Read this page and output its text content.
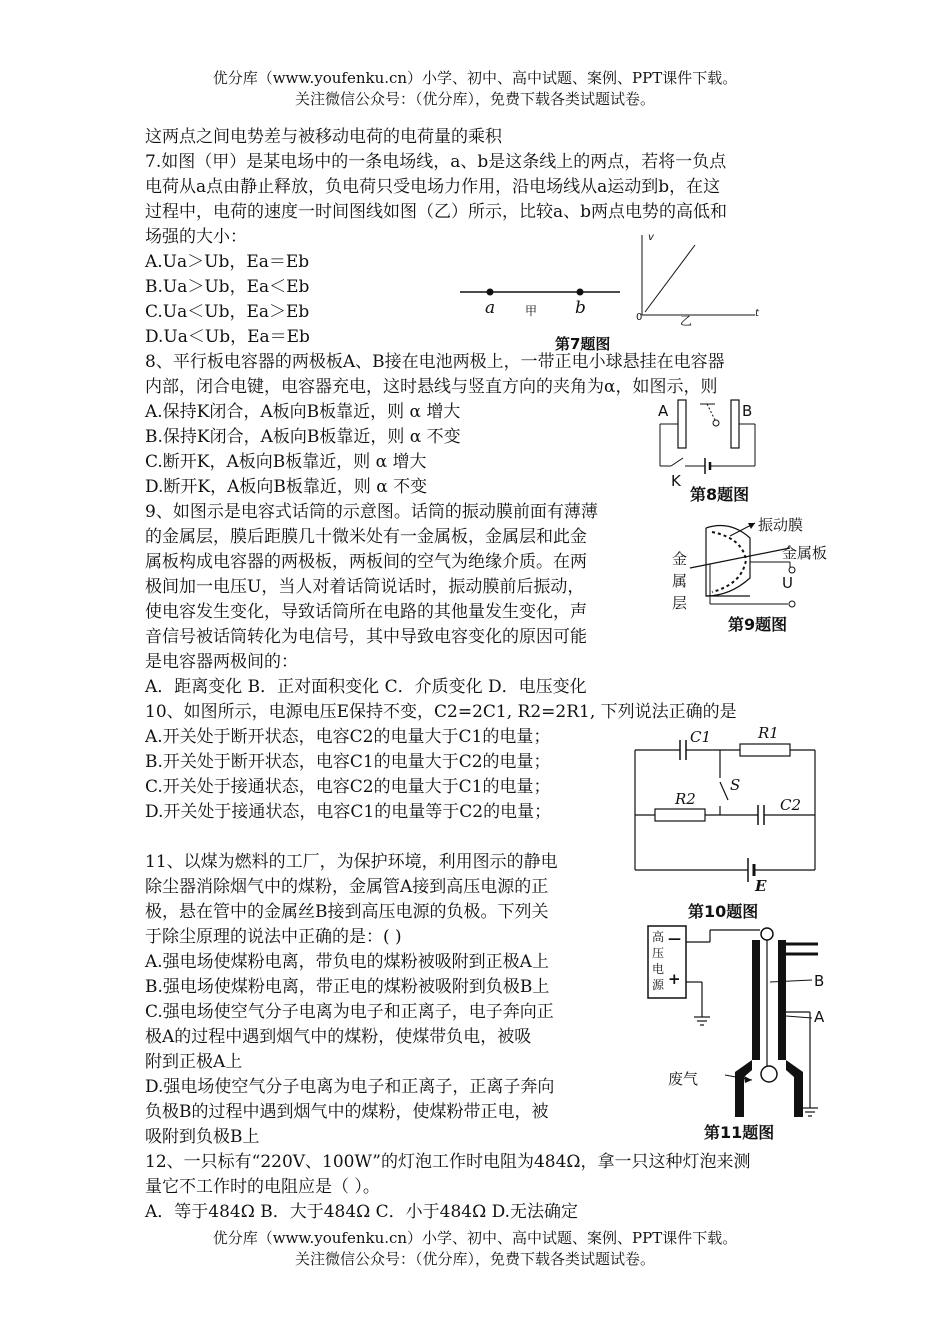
优分库（www.youfenku.cn）小学、初中、高中试题、案例、PPT课件下载。
关注微信公众号：（优分库），免费下载各类试题试卷。
这两点之间电势差与被移动电荷的电荷量的乘积
7.如图（甲）是某电场中的一条电场线，a、b是这条线上的两点，若将一负点
电荷从a点由静止释放，负电荷只受电场力作用，沿电场线从a运动到b，在这
过程中，电荷的速度一时间图线如图（乙）所示，比较a、b两点电势的高低和
场强的大小：
A.Ua＞Ub，Ea＝Eb
B.Ua＞Ub，Ea＜Eb
C.Ua＜Ub，Ea＞Eb
D.Ua＜Ub，Ea＝Eb
8、平行板电容器的两极板A、B接在电池两极上，一带正电小球悬挂在电容器
内部，闭合电键，电容器充电，这时悬线与竖直方向的夹角为α，如图示，则
A.保持K闭合，A板向B板靠近，则 α 增大
B.保持K闭合，A板向B板靠近，则 α 不变
C.断开K，A板向B板靠近，则 α 增大
D.断开K，A板向B板靠近，则 α 不变
9、如图示是电容式话筒的示意图。话筒的振动膜前面有薄薄
的金属层，膜后距膜几十微米处有一金属板，金属层和此金
属板构成电容器的两极板，两板间的空气为绝缘介质。在两
极间加一电压U，当人对着话筒说话时，振动膜前后振动，
使电容发生变化，导致话筒所在电路的其他量发生变化，声
音信号被话筒转化为电信号，其中导致电容变化的原因可能
是电容器两极间的：
A．距离变化 B．正对面积变化 C．介质变化 D．电压变化
10、如图所示，电源电压E保持不变，C2=2C1, R2=2R1, 下列说法正确的是
A.开关处于断开状态，电容C2的电量大于C1的电量；
B.开关处于断开状态，电容C1的电量大于C2的电量；
C.开关处于接通状态，电容C2的电量大于C1的电量；
D.开关处于接通状态，电容C1的电量等于C2的电量；
11、以煤为燃料的工厂，为保护环境，利用图示的静电
除尘器消除烟气中的煤粉，金属管A接到高压电源的正
极，悬在管中的金属丝B接到高压电源的负极。下列关
于除尘原理的说法中正确的是：( )
A.强电场使煤粉电离，带负电的煤粉被吸附到正极A上
B.强电场使煤粉电离，带正电的煤粉被吸附到负极B上
C.强电场使空气分子电离为电子和正离子，电子奔向正
极A的过程中遇到烟气中的煤粉，使煤带负电，被吸
附到正极A上
D.强电场使空气分子电离为电子和正离子，正离子奔向
负极B的过程中遇到烟气中的煤粉，使煤粉带正电，被
吸附到负极B上
12、一只标有“220V、100W”的灯泡工作时电阻为484Ω，拿一只这种灯泡来测
量它不工作时的电阻应是（ ）。
A．等于484Ω B．大于484Ω C．小于484Ω D.无法确定
a	b
甲
乙
v
t
0
第7题图
A	B
K
第8题图
振动膜
金属板
金
属
层
U
第9题图
C1	R1
S
R2	C2
E
第10题图
高
压
电
源
—
+	B
A
废气
第11题图
优分库（www.youfenku.cn）小学、初中、高中试题、案例、PPT课件下载。
关注微信公众号：（优分库），免费下载各类试题试卷。
